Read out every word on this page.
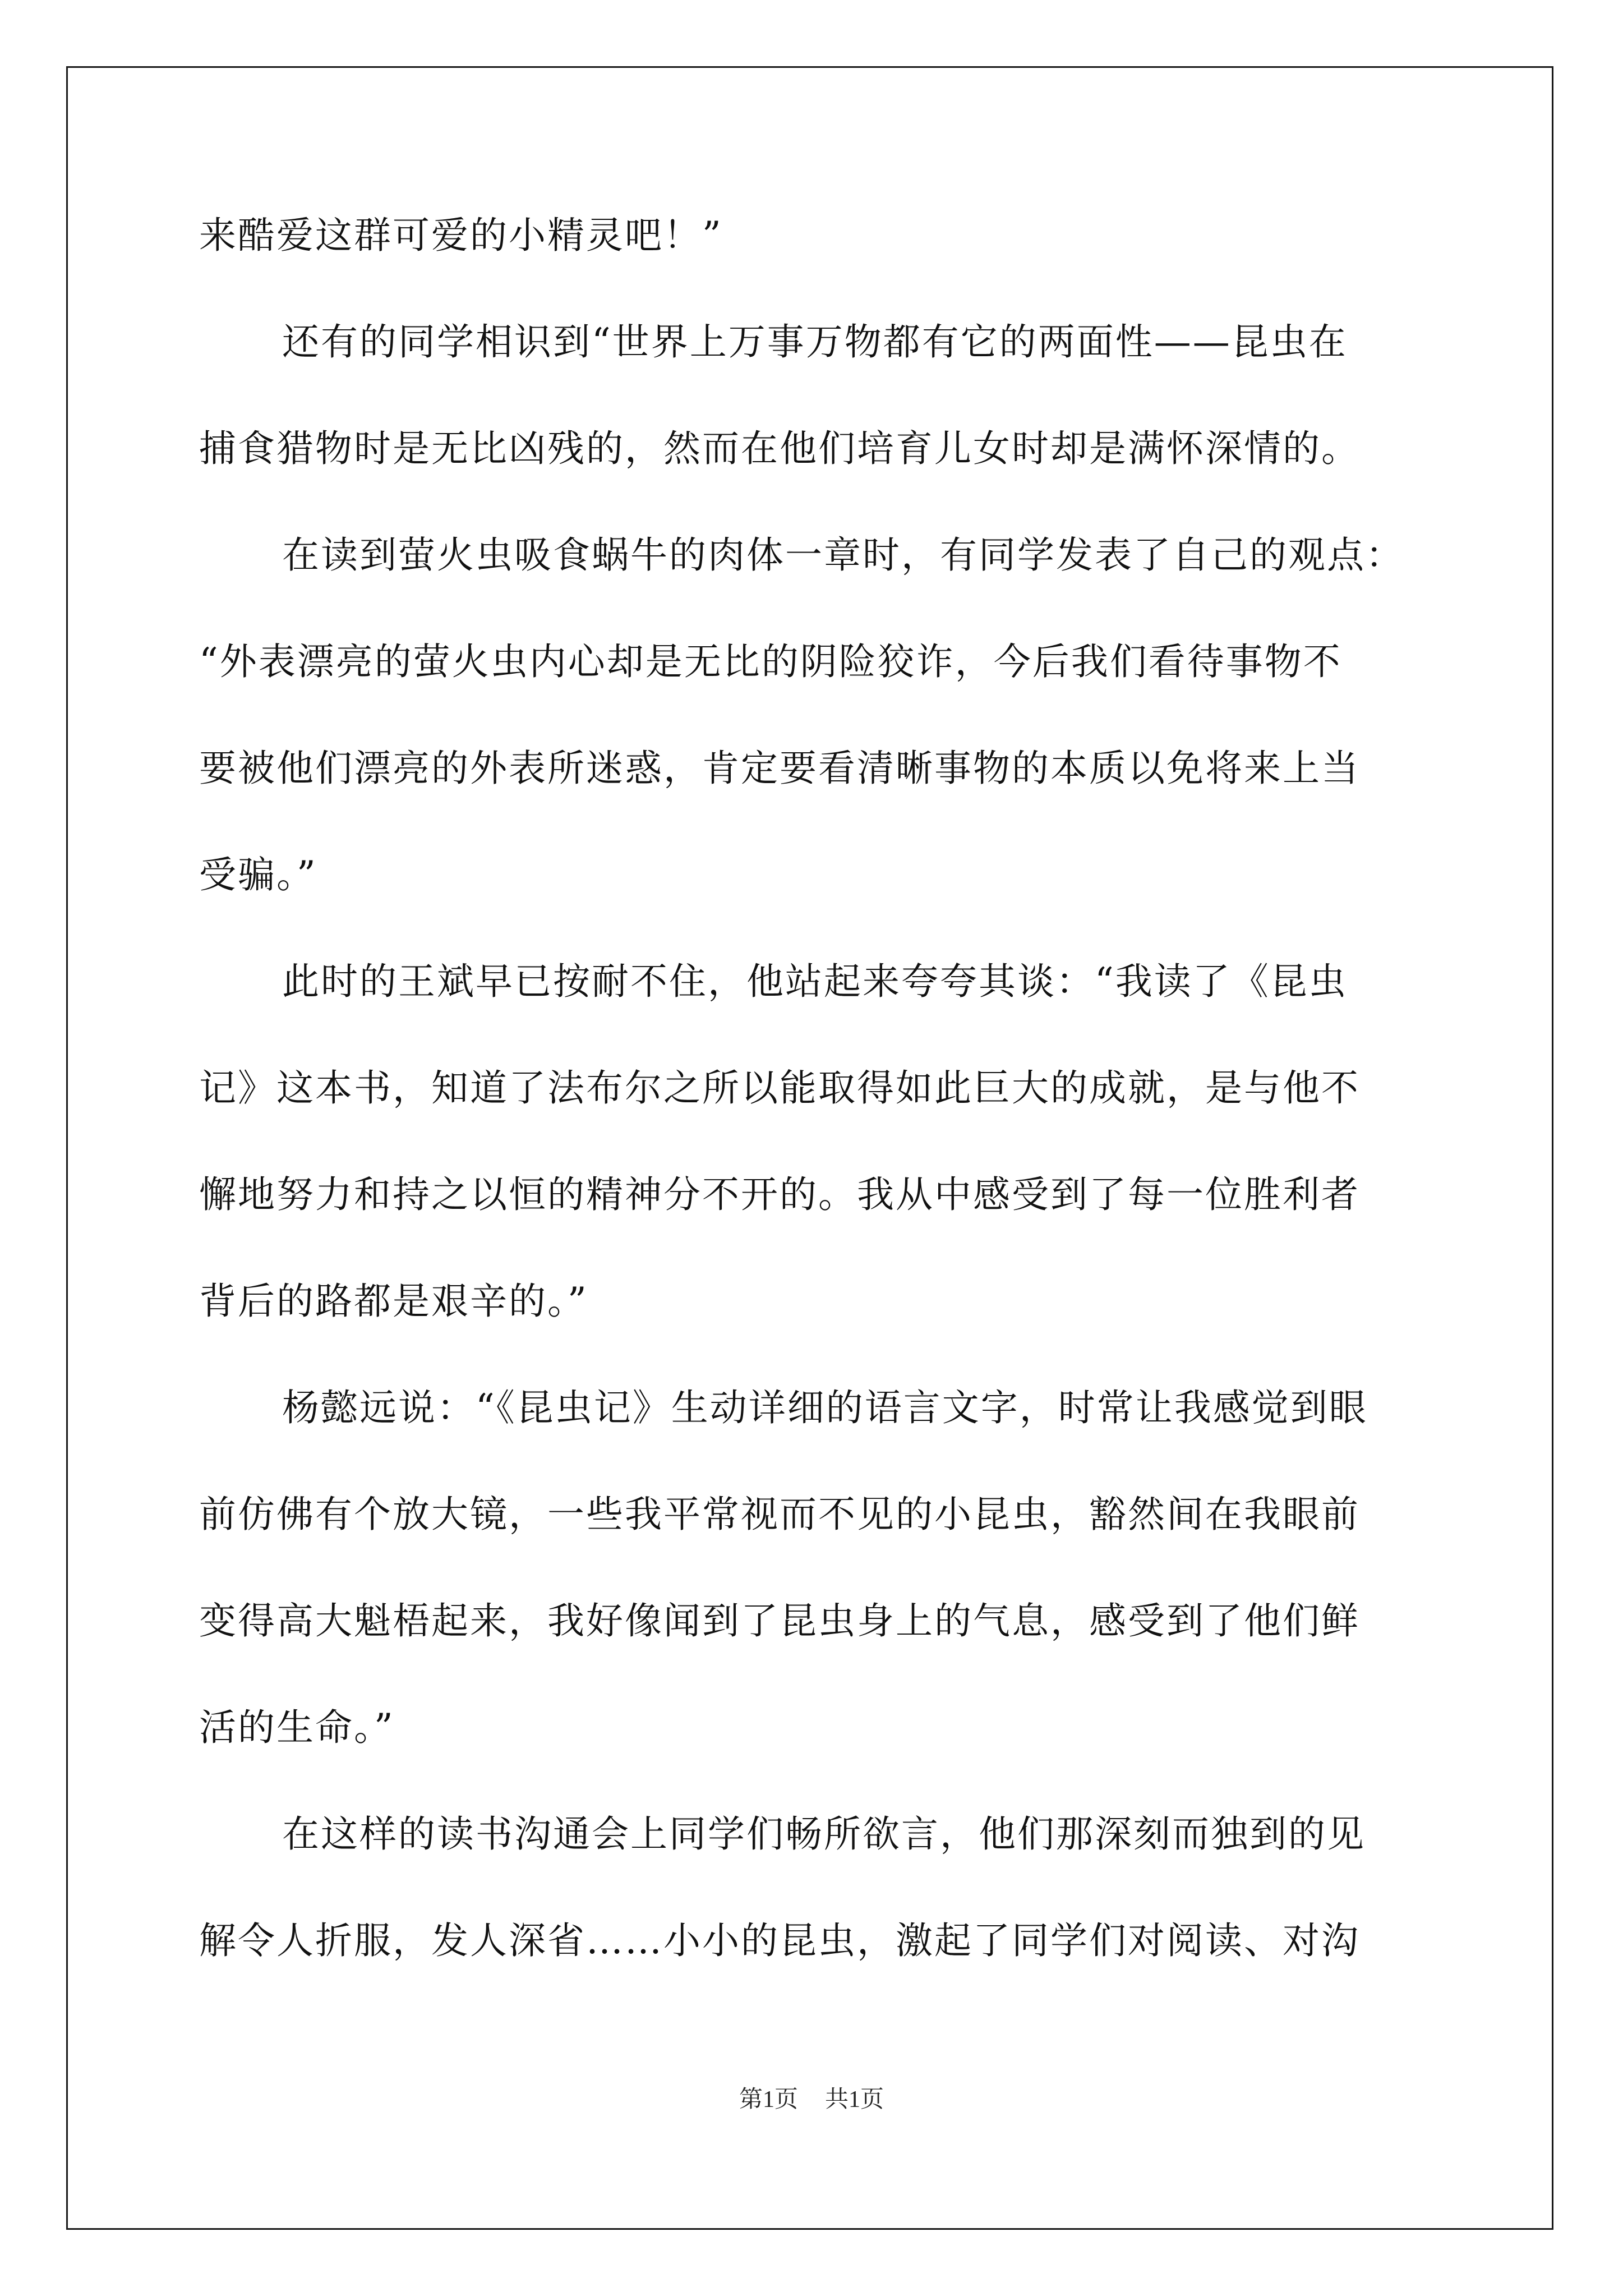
来酷爱这群可爱的小精灵吧！”
还有的同学相识到“世界上万事万物都有它的两面性——昆虫在
捕食猎物时是无比凶残的，然而在他们培育儿女时却是满怀深情的。
在读到萤火虫吸食蜗牛的肉体一章时，有同学发表了自己的观点：
“外表漂亮的萤火虫内心却是无比的阴险狡诈，今后我们看待事物不
要被他们漂亮的外表所迷惑，肯定要看清晰事物的本质以免将来上当
受骗。”
此时的王斌早已按耐不住，他站起来夸夸其谈：“我读了《昆虫
记》这本书，知道了法布尔之所以能取得如此巨大的成就，是与他不
懈地努力和持之以恒的精神分不开的。我从中感受到了每一位胜利者
背后的路都是艰辛的。”
杨懿远说：“《昆虫记》生动详细的语言文字，时常让我感觉到眼
前仿佛有个放大镜，一些我平常视而不见的小昆虫，豁然间在我眼前
变得高大魁梧起来，我好像闻到了昆虫身上的气息，感受到了他们鲜
活的生命。”
在这样的读书沟通会上同学们畅所欲言，他们那深刻而独到的见
解令人折服，发人深省……小小的昆虫，激起了同学们对阅读、对沟
第1页 共1页
